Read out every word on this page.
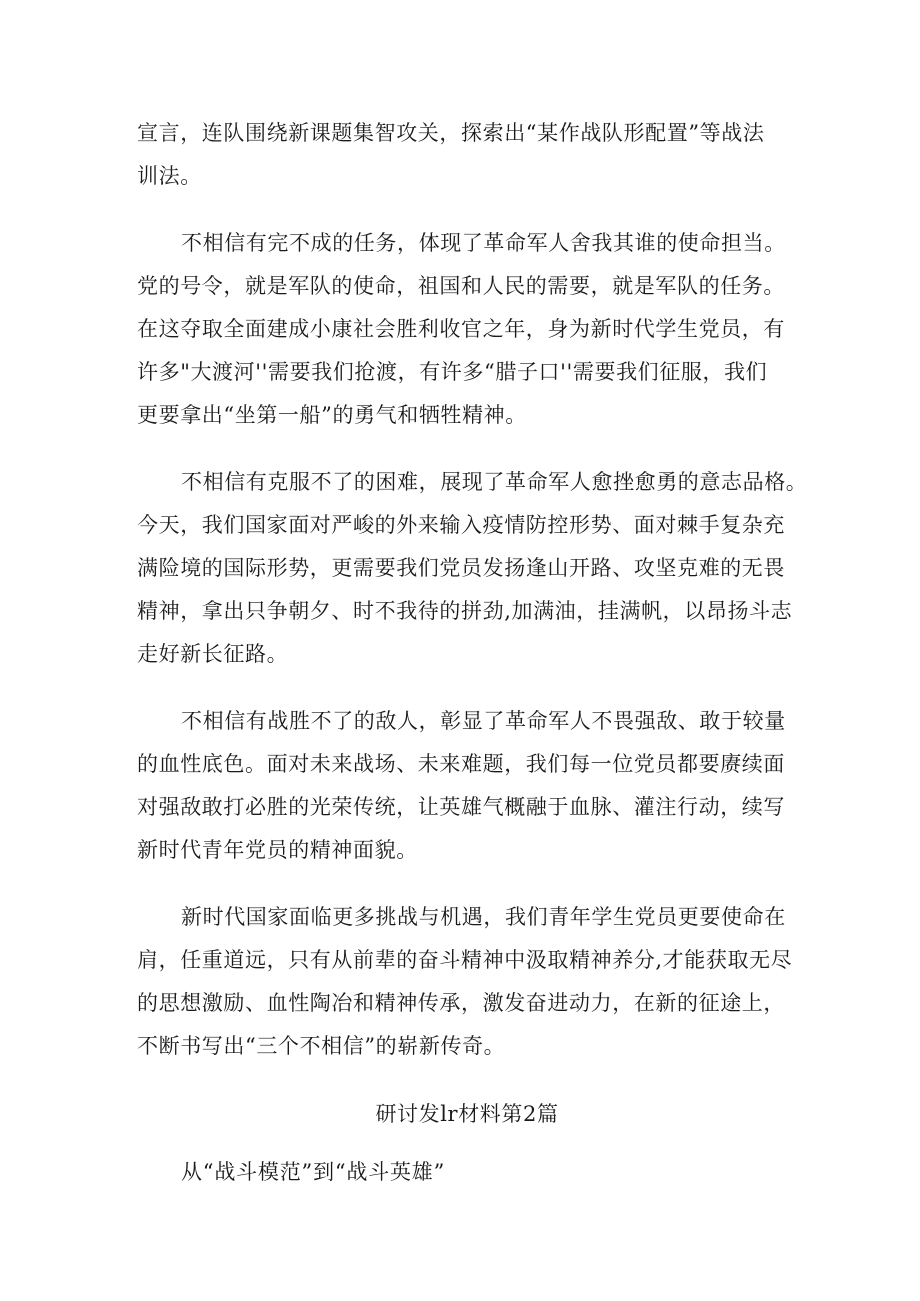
宣言，连队围绕新课题集智攻关，探索出“某作战队形配置”等战法
训法。

不相信有完不成的任务，体现了革命军人舍我其谁的使命担当。
党的号令，就是军队的使命，祖国和人民的需要，就是军队的任务。
在这夺取全面建成小康社会胜利收官之年，身为新时代学生党员，有
许多"大渡河''需要我们抢渡，有许多“腊子口''需要我们征服，我们
更要拿出“坐第一船”的勇气和牺牲精神。

不相信有克服不了的困难，展现了革命军人愈挫愈勇的意志品格。
今天，我们国家面对严峻的外来输入疫情防控形势、面对棘手复杂充
满险境的国际形势，更需要我们党员发扬逢山开路、攻坚克难的无畏
精神，拿出只争朝夕、时不我待的拼劲,加满油，挂满帆，以昂扬斗志
走好新长征路。

不相信有战胜不了的敌人，彰显了革命军人不畏强敌、敢于较量
的血性底色。面对未来战场、未来难题，我们每一位党员都要赓续面
对强敌敢打必胜的光荣传统，让英雄气概融于血脉、灌注行动，续写
新时代青年党员的精神面貌。

新时代国家面临更多挑战与机遇，我们青年学生党员更要使命在
肩，任重道远，只有从前辈的奋斗精神中汲取精神养分,才能获取无尽
的思想激励、血性陶冶和精神传承，激发奋进动力，在新的征途上，
不断书写出“三个不相信”的崭新传奇。

研讨发lr材料第2篇
从“战斗模范”到“战斗英雄”
